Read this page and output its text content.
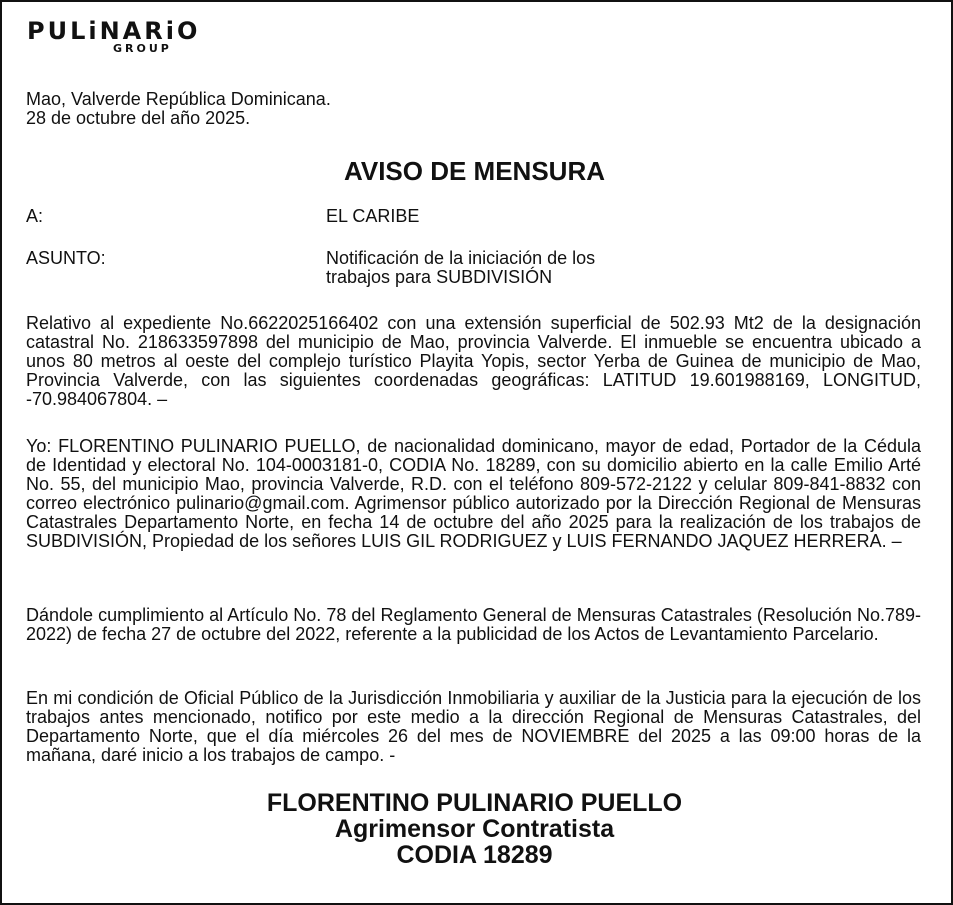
PULiNARiO
GROUP
Mao, Valverde República Dominicana.
28 de octubre del año 2025.
AVISO DE MENSURA
A:	EL CARIBE
ASUNTO:	Notificación de la iniciación de los
trabajos para SUBDIVISIÓN
Relativo al expediente No.6622025166402 con una extensión superficial de 502.93 Mt2 de la designación catastral No. 218633597898 del municipio de Mao, provincia Valverde. El inmueble se encuentra ubicado a unos 80 metros al oeste del complejo turístico Playita Yopis, sector Yerba de Guinea de municipio de Mao, Provincia Valverde, con las siguientes coordenadas geográficas: LATITUD 19.601988169, LONGITUD, -70.984067804. –
Yo: FLORENTINO PULINARIO PUELLO, de nacionalidad dominicano, mayor de edad, Portador de la Cédula de Identidad y electoral No. 104-0003181-0, CODIA No. 18289, con su domicilio abierto en la calle Emilio Arté No. 55, del municipio Mao, provincia Valverde, R.D. con el teléfono 809-572-2122 y celular 809-841-8832 con correo electrónico pulinario@gmail.com. Agrimensor público autorizado por la Dirección Regional de Mensuras Catastrales Departamento Norte, en fecha 14 de octubre del año 2025 para la realización de los trabajos de SUBDIVISIÓN, Propiedad de los señores LUIS GIL RODRIGUEZ y LUIS FERNANDO JAQUEZ HERRERA. –
Dándole cumplimiento al Artículo No. 78 del Reglamento General de Mensuras Catastrales (Resolución No.789-2022) de fecha 27 de octubre del 2022, referente a la publicidad de los Actos de Levantamiento Parcelario.
En mi condición de Oficial Público de la Jurisdicción Inmobiliaria y auxiliar de la Justicia para la ejecución de los trabajos antes mencionado, notifico por este medio a la dirección Regional de Mensuras Catastrales, del Departamento Norte, que el día miércoles 26 del mes de NOVIEMBRE del 2025 a las 09:00 horas de la mañana, daré inicio a los trabajos de campo. -
FLORENTINO PULINARIO PUELLO
Agrimensor Contratista
CODIA 18289
